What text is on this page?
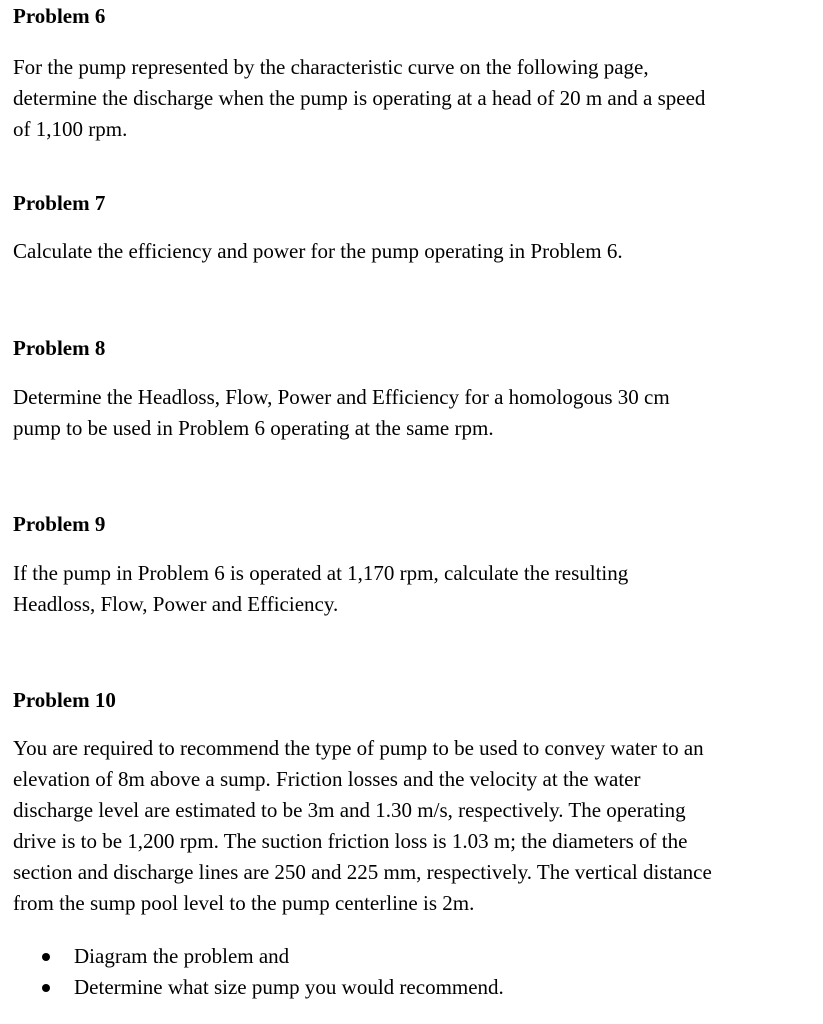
Problem 6

For the pump represented by the characteristic curve on the following page,
determine the discharge when the pump is operating at a head of 20 m and a speed
of 1,100 rpm.

Problem 7

Calculate the efficiency and power for the pump operating in Problem 6.

Problem 8

Determine the Headloss, Flow, Power and Efficiency for a homologous 30 cm
pump to be used in Problem 6 operating at the same rpm.

Problem 9

If the pump in Problem 6 is operated at 1,170 rpm, calculate the resulting
Headloss, Flow, Power and Efficiency.

Problem 10

You are required to recommend the type of pump to be used to convey water to an
elevation of 8m above a sump. Friction losses and the velocity at the water
discharge level are estimated to be 3m and 1.30 m/s, respectively. The operating
drive is to be 1,200 rpm. The suction friction loss is 1.03 m; the diameters of the
section and discharge lines are 250 and 225 mm, respectively. The vertical distance
from the sump pool level to the pump centerline is 2m.

Diagram the problem and
Determine what size pump you would recommend.
